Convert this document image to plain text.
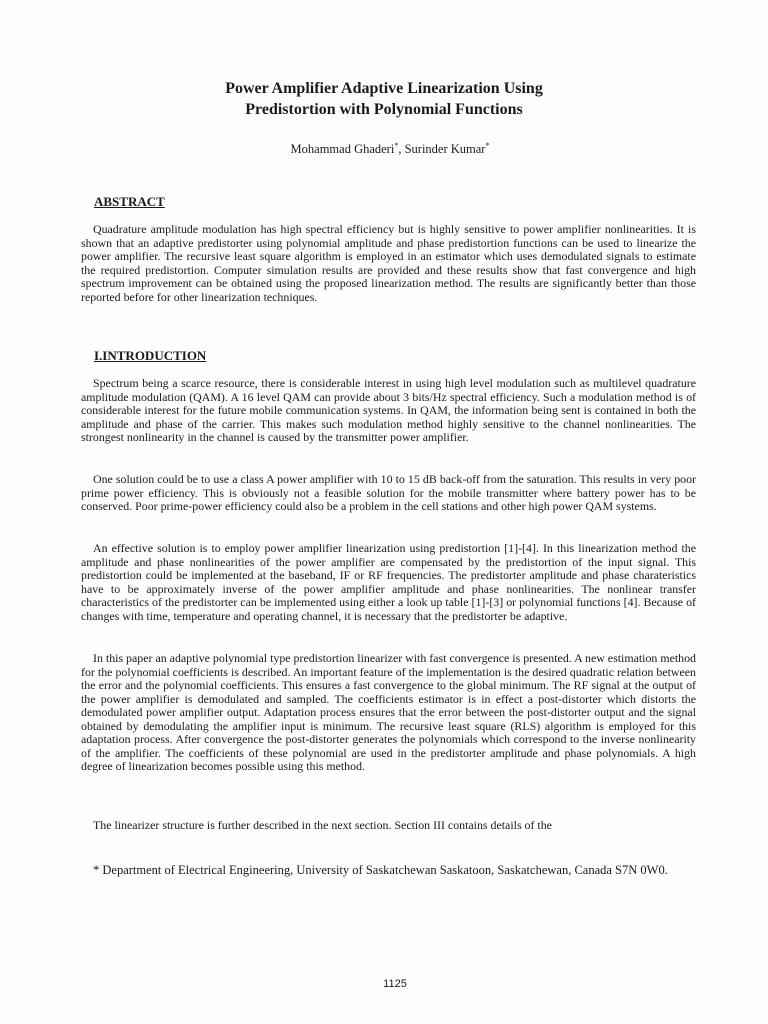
Power Amplifier Adaptive Linearization Using
Predistortion with Polynomial Functions

Mohammad Ghaderi*, Surinder Kumar*

ABSTRACT

Quadrature amplitude modulation has high spectral efficiency but is highly sensitive to power amplifier nonlinearities. It is shown that an adaptive predistorter using polynomial amplitude and phase predistortion functions can be used to linearize the power amplifier. The recursive least square algorithm is employed in an estimator which uses demodulated signals to estimate the required predistortion. Computer simulation results are provided and these results show that fast convergence and high spectrum improvement can be obtained using the proposed linearization method. The results are significantly better than those reported before for other linearization techniques.

I.INTRODUCTION

Spectrum being a scarce resource, there is considerable interest in using high level modulation such as multilevel quadrature amplitude modulation (QAM). A 16 level QAM can provide about 3 bits/Hz spectral efficiency. Such a modulation method is of considerable interest for the future mobile communication systems. In QAM, the information being sent is contained in both the amplitude and phase of the carrier. This makes such modulation method highly sensitive to the channel nonlinearities. The strongest nonlinearity in the channel is caused by the transmitter power amplifier.

One solution could be to use a class A power amplifier with 10 to 15 dB back-off from the saturation. This results in very poor prime power efficiency. This is obviously not a feasible solution for the mobile transmitter where battery power has to be conserved. Poor prime-power efficiency could also be a problem in the cell stations and other high power QAM systems.

An effective solution is to employ power amplifier linearization using predistortion [1]-[4]. In this linearization method the amplitude and phase nonlinearities of the power amplifier are compensated by the predistortion of the input signal. This predistortion could be implemented at the baseband, IF or RF frequencies. The predistorter amplitude and phase charateristics have to be approximately inverse of the power amplifier amplitude and phase nonlinearities. The nonlinear transfer characteristics of the predistorter can be implemented using either a look up table [1]-[3] or polynomial functions [4]. Because of changes with time, temperature and operating channel, it is necessary that the predistorter be adaptive.

In this paper an adaptive polynomial type predistortion linearizer with fast convergence is presented. A new estimation method for the polynomial coefficients is described. An important feature of the implementation is the desired quadratic relation between the error and the polynomial coefficients. This ensures a fast convergence to the global minimum. The RF signal at the output of the power amplifier is demodulated and sampled. The coefficients estimator is in effect a post-distorter which distorts the demodulated power amplifier output. Adaptation process ensures that the error between the post-distorter output and the signal obtained by demodulating the amplifier input is minimum. The recursive least square (RLS) algorithm is employed for this adaptation process. After convergence the post-distorter generates the polynomials which correspond to the inverse nonlinearity of the amplifier. The coefficients of these polynomial are used in the predistorter amplitude and phase polynomials. A high degree of linearization becomes possible using this method.

The linearizer structure is further described in the next section. Section III contains details of the

* Department of Electrical Engineering, University of Saskatchewan Saskatoon, Saskatchewan, Canada S7N 0W0.

1125
